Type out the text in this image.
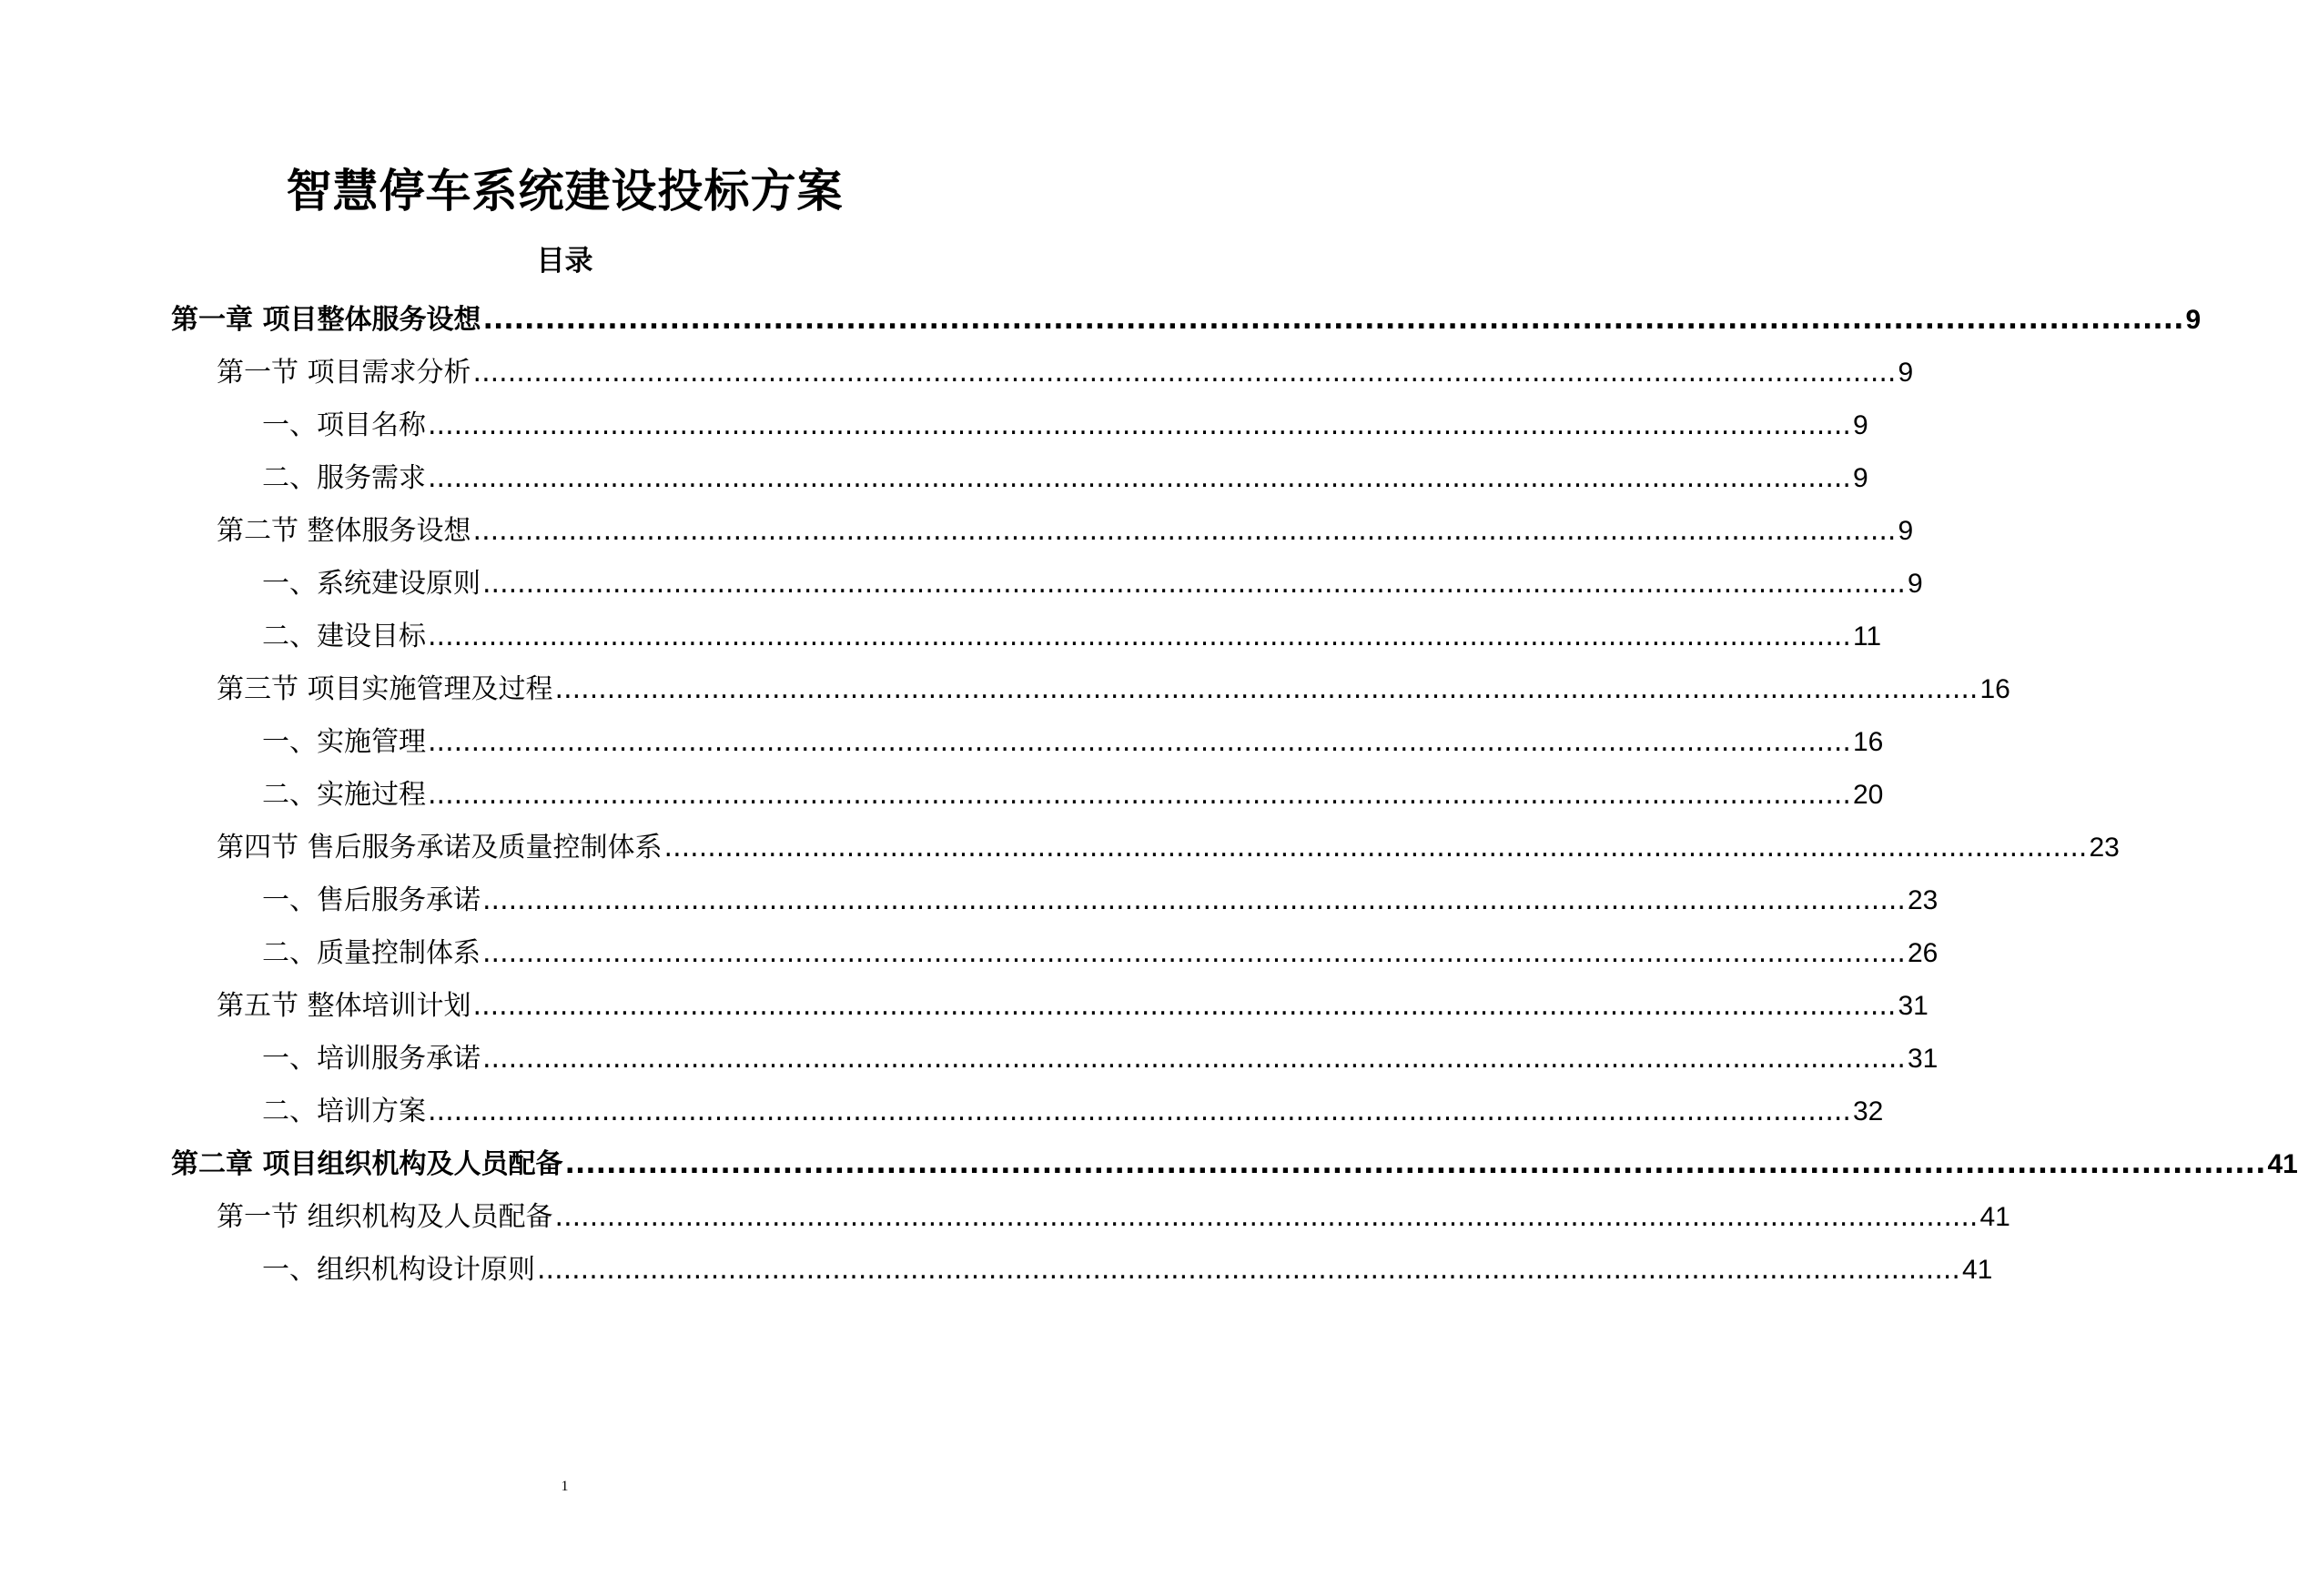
智慧停车系统建设投标方案
目录
第一章 项目整体服务设想 .................................................................................................................................................................... 9
第一节 项目需求分析 .................................................................................................................................................................... 9
一、项目名称 .................................................................................................................................................................... 9
二、服务需求 .................................................................................................................................................................... 9
第二节 整体服务设想 .................................................................................................................................................................... 9
一、系统建设原则 .................................................................................................................................................................... 9
二、建设目标 .................................................................................................................................................................... 11
第三节 项目实施管理及过程 .................................................................................................................................................................... 16
一、实施管理 .................................................................................................................................................................... 16
二、实施过程 .................................................................................................................................................................... 20
第四节 售后服务承诺及质量控制体系 .................................................................................................................................................................... 23
一、售后服务承诺 .................................................................................................................................................................... 23
二、质量控制体系 .................................................................................................................................................................... 26
第五节 整体培训计划 .................................................................................................................................................................... 31
一、培训服务承诺 .................................................................................................................................................................... 31
二、培训方案 .................................................................................................................................................................... 32
第二章 项目组织机构及人员配备 .................................................................................................................................................................... 41
第一节 组织机构及人员配备 .................................................................................................................................................................... 41
一、组织机构设计原则 .................................................................................................................................................................... 41
1
